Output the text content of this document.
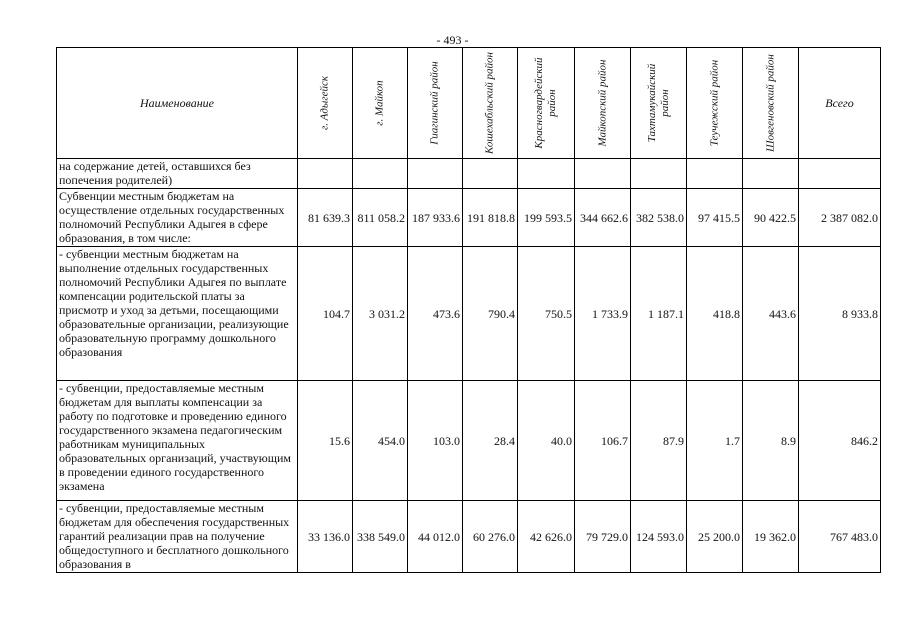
- 493 -
Наименование	г. Адыгейск	г. Майкоп	Гиагинский район	Кошехабльский район	Красногвардейский район	Майкопский район	Тахтамукайский район	Теучежский район	Шовгеновский район	Всего
на содержание детей, оставшихся без попечения родителей)										
Субвенции местным бюджетам на осуществление отдельных государственных полномочий Республики Адыгея в сфере образования, в том числе:	81 639.3	811 058.2	187 933.6	191 818.8	199 593.5	344 662.6	382 538.0	97 415.5	90 422.5	2 387 082.0
- субвенции местным бюджетам на выполнение отдельных государственных полномочий Республики Адыгея по выплате компенсации родительской платы за присмотр и уход за детьми, посещающими образовательные организации, реализующие образовательную программу дошкольного образования	104.7	3 031.2	473.6	790.4	750.5	1 733.9	1 187.1	418.8	443.6	8 933.8
- субвенции, предоставляемые местным бюджетам для выплаты компенсации за работу по подготовке и проведению единого государственного экзамена педагогическим работникам муниципальных образовательных организаций, участвующим в проведении единого государственного экзамена	15.6	454.0	103.0	28.4	40.0	106.7	87.9	1.7	8.9	846.2
- субвенции, предоставляемые местным бюджетам для обеспечения государственных гарантий реализации прав на получение общедоступного и бесплатного дошкольного образования в	33 136.0	338 549.0	44 012.0	60 276.0	42 626.0	79 729.0	124 593.0	25 200.0	19 362.0	767 483.0
